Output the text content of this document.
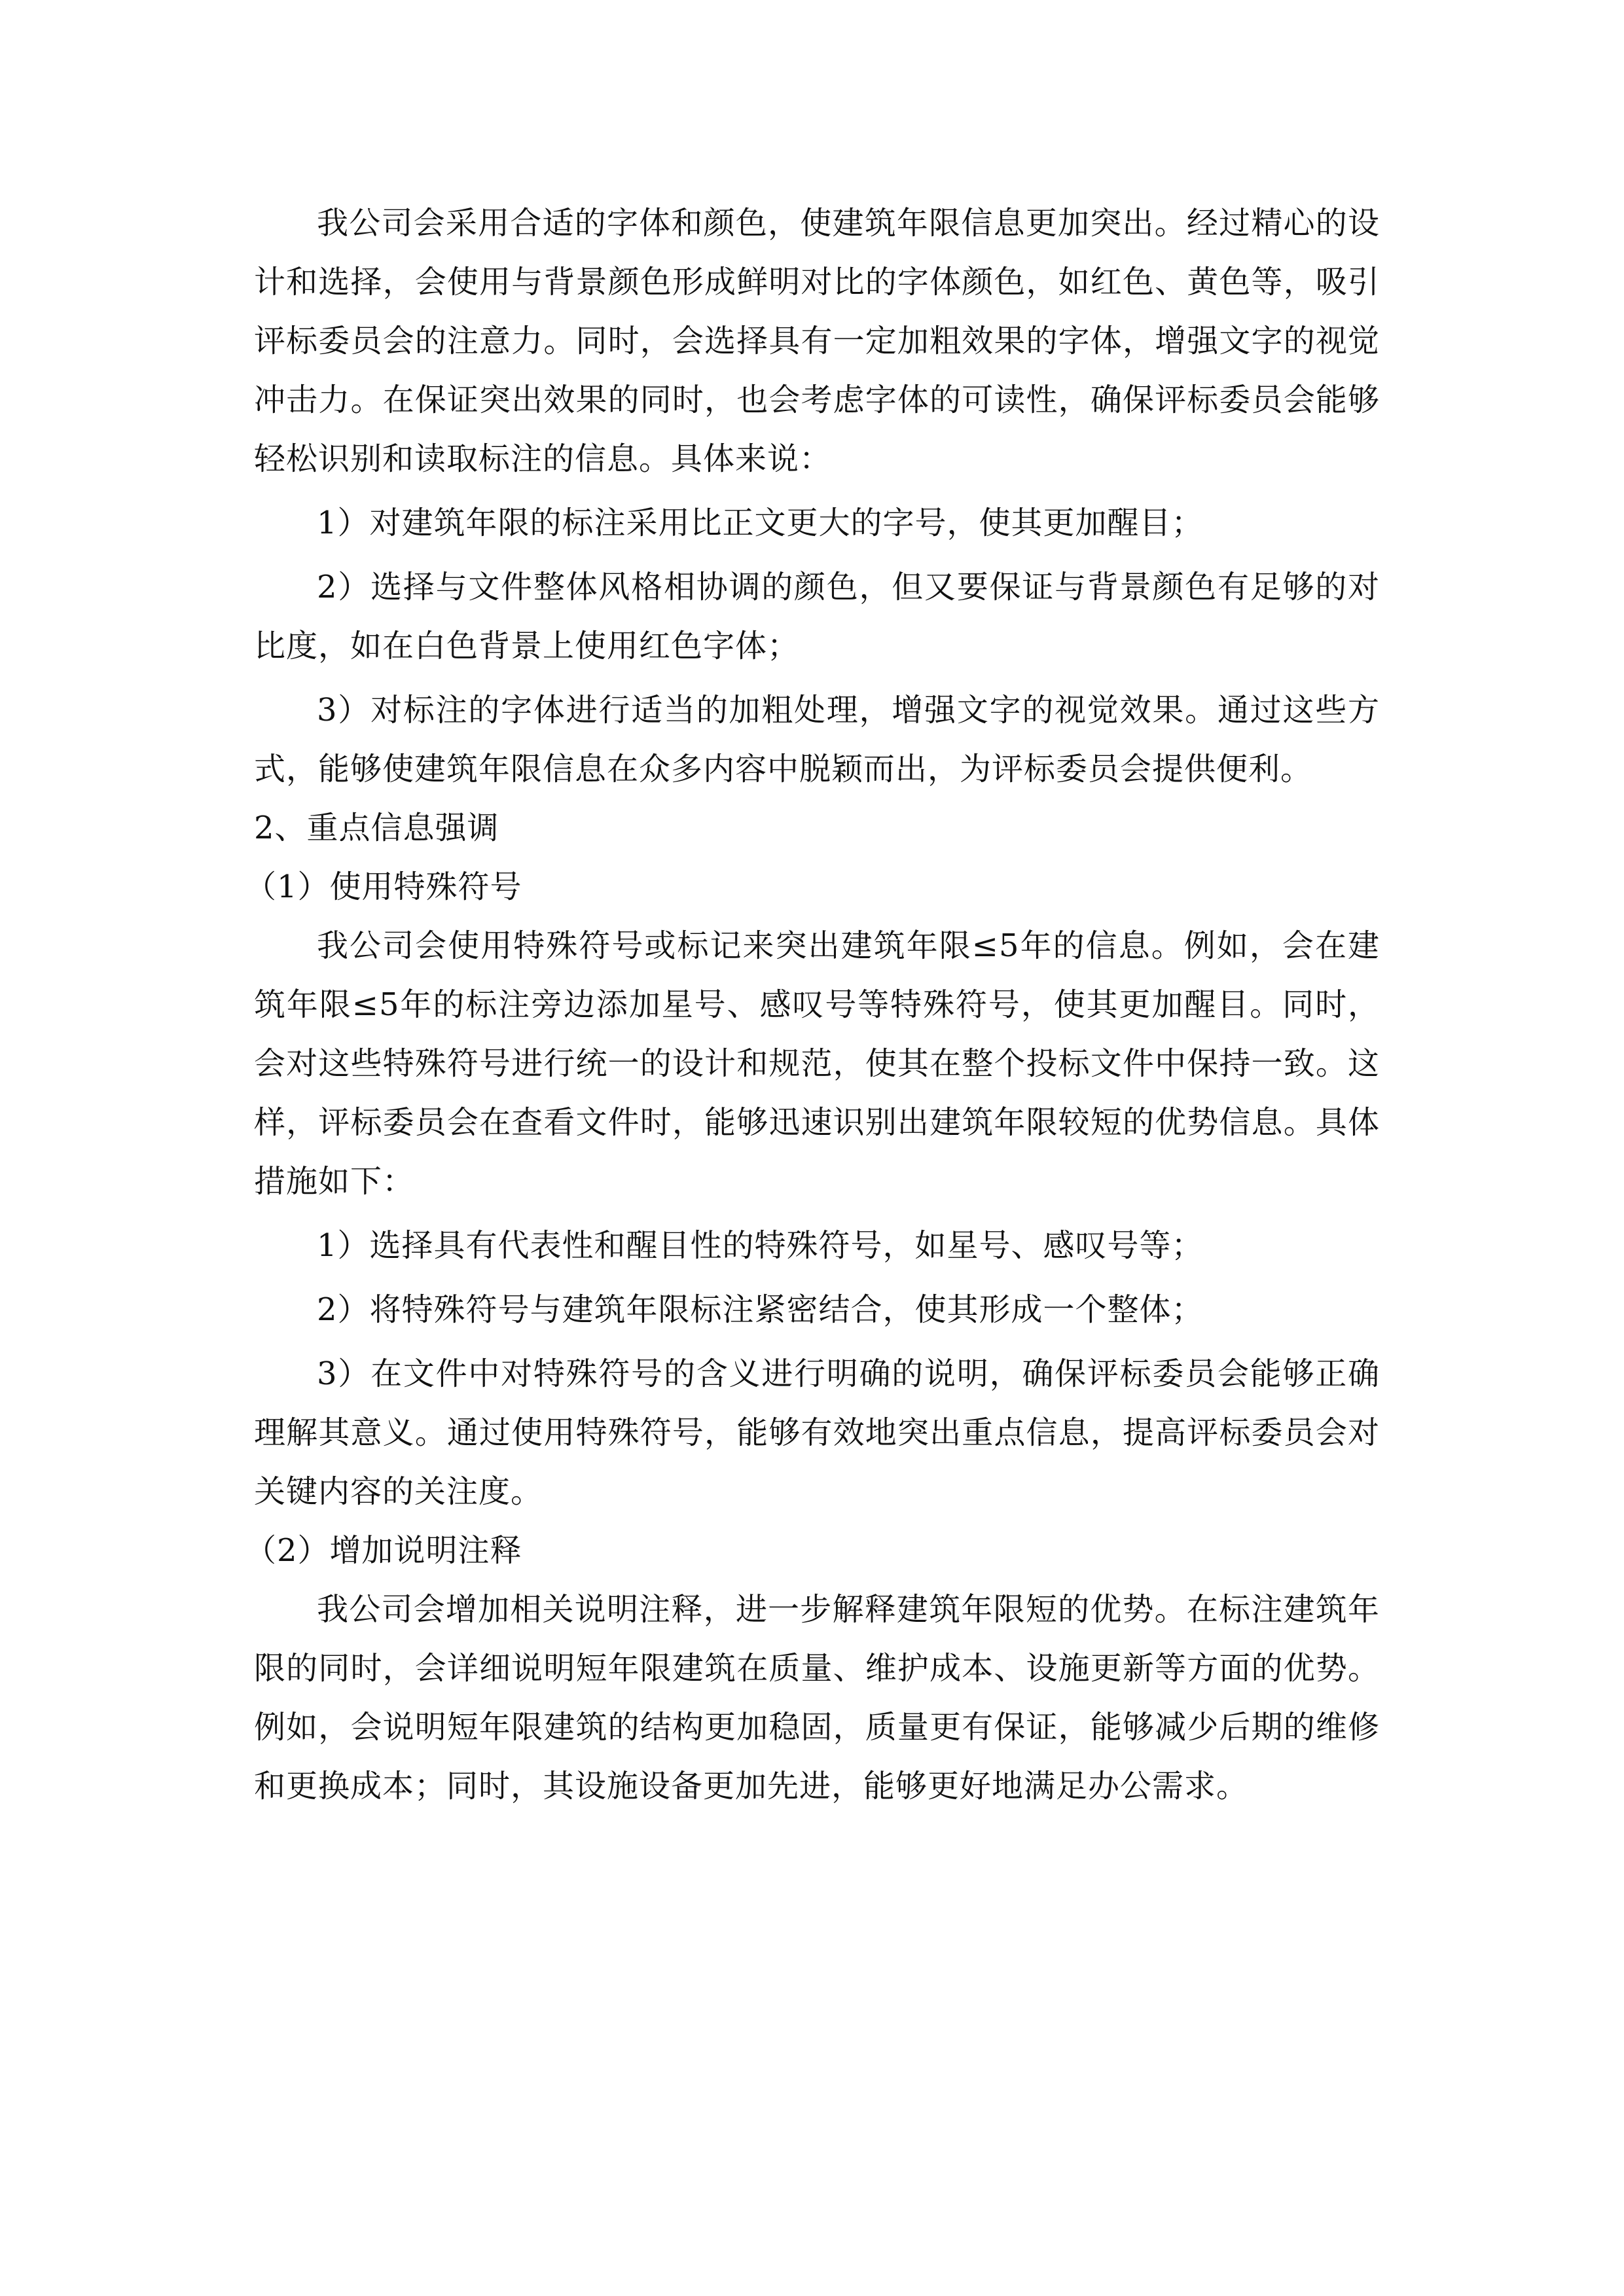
我公司会采用合适的字体和颜色，使建筑年限信息更加突出。经过精心的设计和选择，会使用与背景颜色形成鲜明对比的字体颜色，如红色、黄色等，吸引评标委员会的注意力。同时，会选择具有一定加粗效果的字体，增强文字的视觉冲击力。在保证突出效果的同时，也会考虑字体的可读性，确保评标委员会能够轻松识别和读取标注的信息。具体来说：

1）对建筑年限的标注采用比正文更大的字号，使其更加醒目；

2）选择与文件整体风格相协调的颜色，但又要保证与背景颜色有足够的对比度，如在白色背景上使用红色字体；

3）对标注的字体进行适当的加粗处理，增强文字的视觉效果。通过这些方式，能够使建筑年限信息在众多内容中脱颖而出，为评标委员会提供便利。

2、重点信息强调

（1）使用特殊符号

我公司会使用特殊符号或标记来突出建筑年限≤5年的信息。例如，会在建筑年限≤5年的标注旁边添加星号、感叹号等特殊符号，使其更加醒目。同时，会对这些特殊符号进行统一的设计和规范，使其在整个投标文件中保持一致。这样，评标委员会在查看文件时，能够迅速识别出建筑年限较短的优势信息。具体措施如下：

1）选择具有代表性和醒目性的特殊符号，如星号、感叹号等；

2）将特殊符号与建筑年限标注紧密结合，使其形成一个整体；

3）在文件中对特殊符号的含义进行明确的说明，确保评标委员会能够正确理解其意义。通过使用特殊符号，能够有效地突出重点信息，提高评标委员会对关键内容的关注度。

（2）增加说明注释

我公司会增加相关说明注释，进一步解释建筑年限短的优势。在标注建筑年限的同时，会详细说明短年限建筑在质量、维护成本、设施更新等方面的优势。例如，会说明短年限建筑的结构更加稳固，质量更有保证，能够减少后期的维修和更换成本；同时，其设施设备更加先进，能够更好地满足办公需求。
